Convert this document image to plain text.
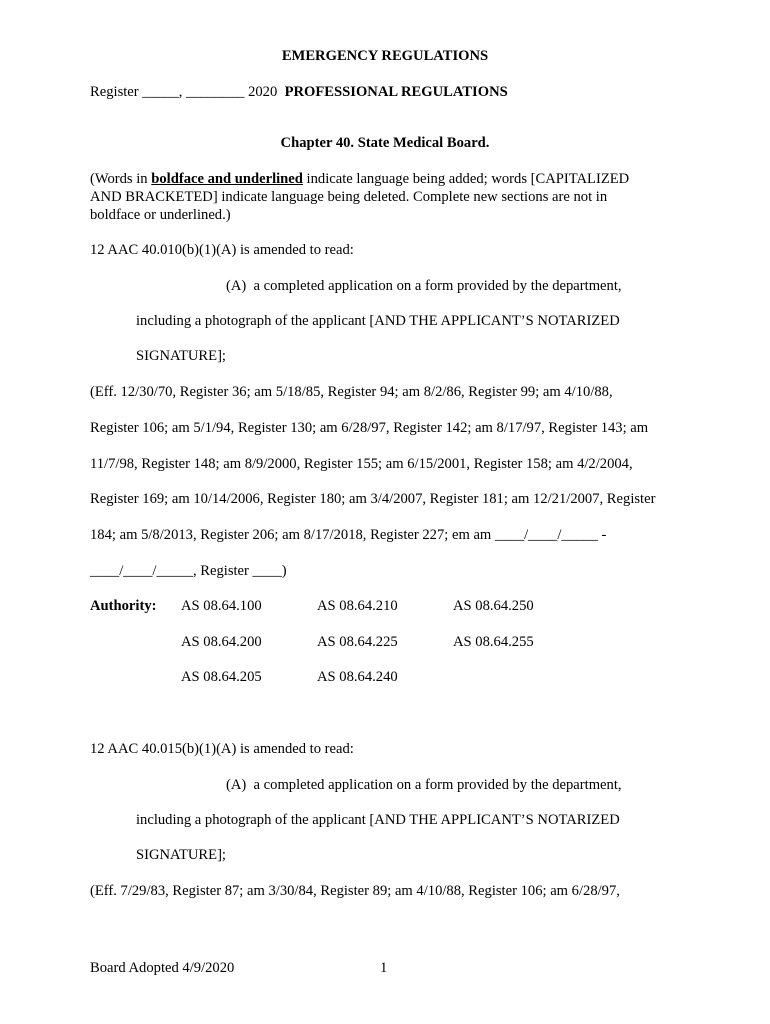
EMERGENCY REGULATIONS
Register _____, ________ 2020  PROFESSIONAL REGULATIONS
Chapter 40. State Medical Board.
(Words in boldface and underlined indicate language being added; words [CAPITALIZED
AND BRACKETED] indicate language being deleted. Complete new sections are not in
boldface or underlined.)
12 AAC 40.010(b)(1)(A) is amended to read:
(A)  a completed application on a form provided by the department,
including a photograph of the applicant [AND THE APPLICANT’S NOTARIZED
SIGNATURE];
(Eff. 12/30/70, Register 36; am 5/18/85, Register 94; am 8/2/86, Register 99; am 4/10/88,
Register 106; am 5/1/94, Register 130; am 6/28/97, Register 142; am 8/17/97, Register 143; am
11/7/98, Register 148; am 8/9/2000, Register 155; am 6/15/2001, Register 158; am 4/2/2004,
Register 169; am 10/14/2006, Register 180; am 3/4/2007, Register 181; am 12/21/2007, Register
184; am 5/8/2013, Register 206; am 8/17/2018, Register 227; em am ____/____/_____ -
____/____/_____, Register ____)
Authority: AS 08.64.100	AS 08.64.210	AS 08.64.250
AS 08.64.200	AS 08.64.225	AS 08.64.255
AS 08.64.205	AS 08.64.240
12 AAC 40.015(b)(1)(A) is amended to read:
(A)  a completed application on a form provided by the department,
including a photograph of the applicant [AND THE APPLICANT’S NOTARIZED
SIGNATURE];
(Eff. 7/29/83, Register 87; am 3/30/84, Register 89; am 4/10/88, Register 106; am 6/28/97,
Board Adopted 4/9/2020	1
